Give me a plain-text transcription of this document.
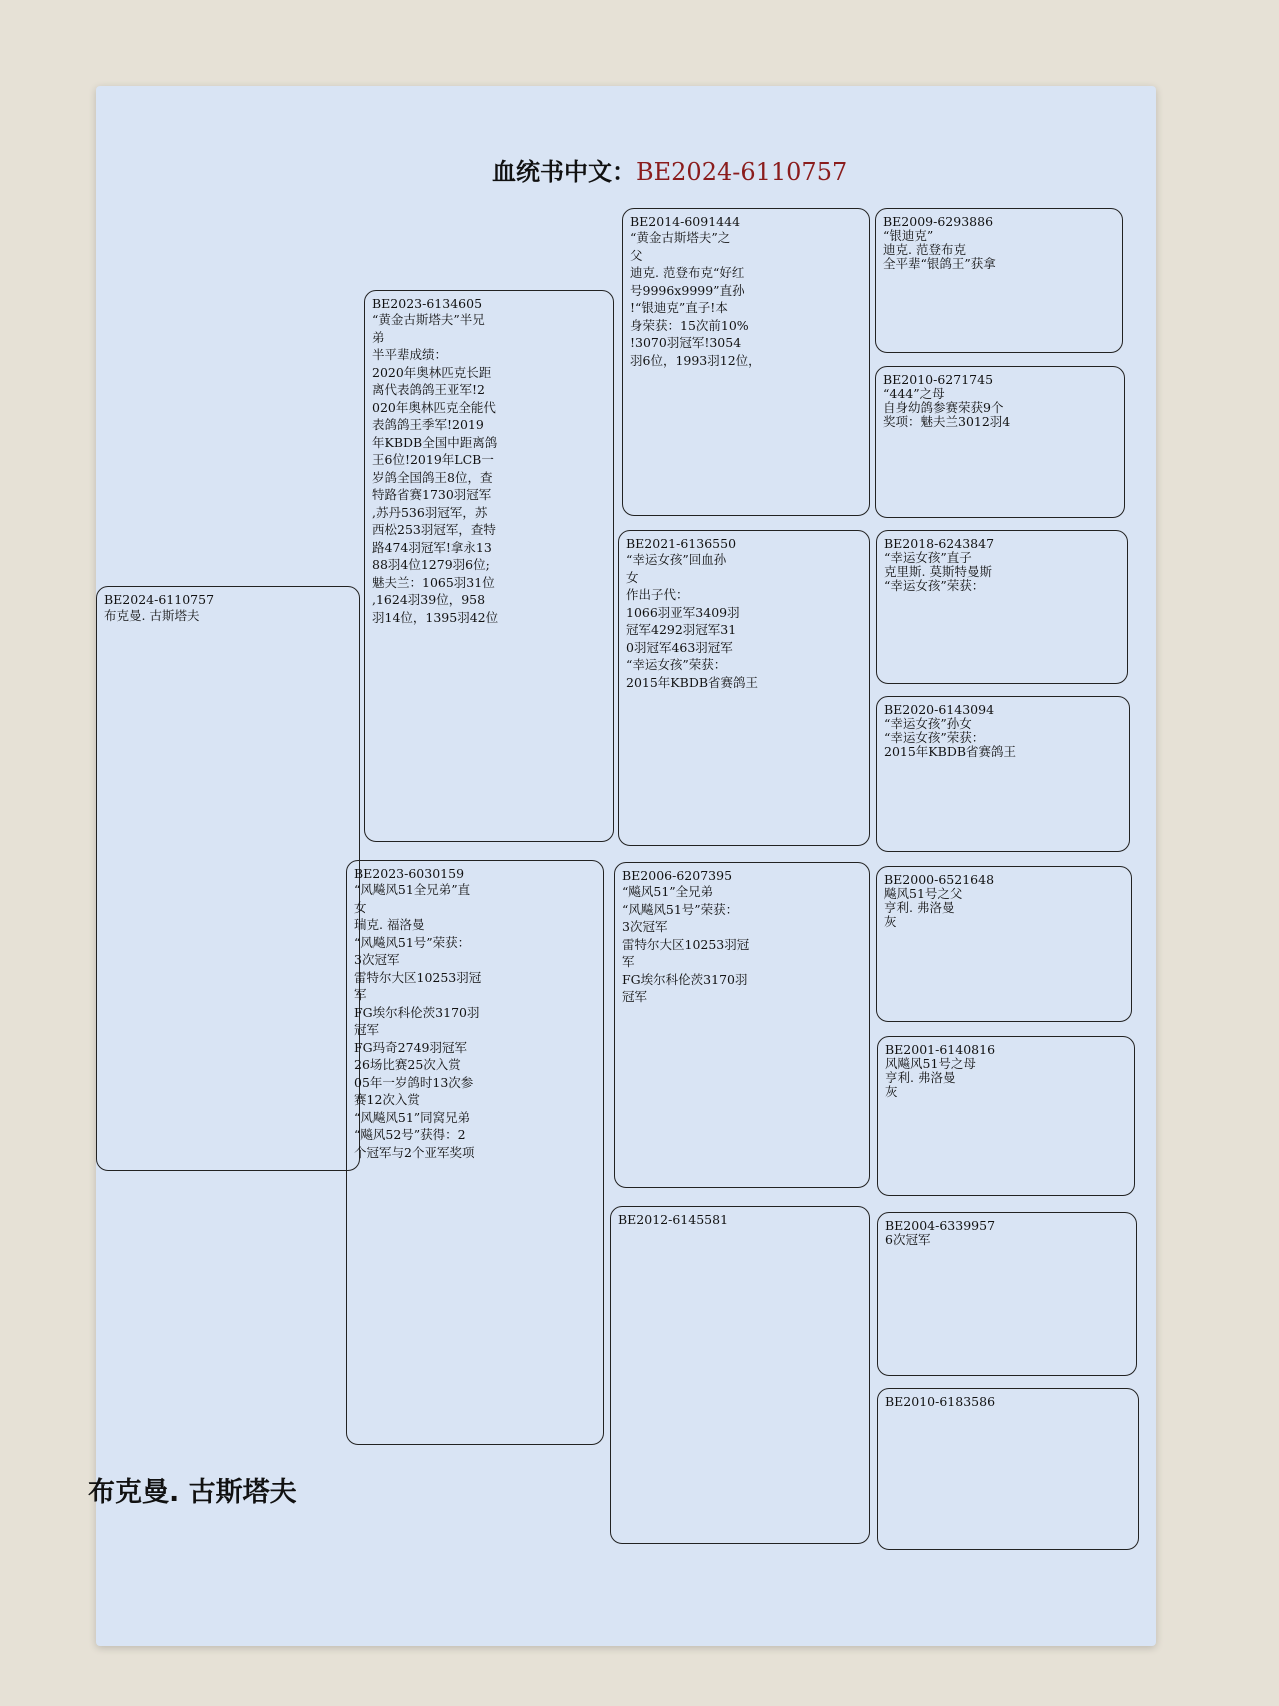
血统书中文：BE2024-6110757
BE2024-6110757
布克曼. 古斯塔夫
BE2023-6134605
“黄金古斯塔夫”半兄
弟
半平辈成绩：
2020年奥林匹克长距
离代表鸽鸽王亚军!2
020年奥林匹克全能代
表鸽鸽王季军!2019
年KBDB全国中距离鸽
王6位!2019年LCB一
岁鸽全国鸽王8位，查
特路省赛1730羽冠军
,苏丹536羽冠军，苏
西松253羽冠军，查特
路474羽冠军!拿永13
88羽4位1279羽6位;
魅夫兰：1065羽31位
,1624羽39位，958
羽14位，1395羽42位
BE2023-6030159
“风飚风51全兄弟”直
女
瑞克. 福洛曼
“风飚风51号”荣获：
3次冠军
雷特尔大区10253羽冠
军
FG埃尔科伦茨3170羽
冠军
FG玛奇2749羽冠军
26场比赛25次入赏
05年一岁鸽时13次参
赛12次入赏
“风飚风51”同窝兄弟
“飚风52号”获得：2
个冠军与2个亚军奖项
BE2014-6091444
“黄金古斯塔夫”之
父
迪克. 范登布克“好红
号9996x9999”直孙
!“银迪克”直子!本
身荣获：15次前10%
!3070羽冠军!3054
羽6位，1993羽12位，
BE2021-6136550
“幸运女孩”回血孙
女
作出子代：
1066羽亚军3409羽
冠军4292羽冠军31
0羽冠军463羽冠军
“幸运女孩”荣获：
2015年KBDB省赛鸽王
BE2006-6207395
“飚风51”全兄弟
“风飚风51号”荣获：
3次冠军
雷特尔大区10253羽冠
军
FG埃尔科伦茨3170羽
冠军
BE2012-6145581
BE2009-6293886
“银迪克”
迪克. 范登布克
全平辈“银鸽王”获拿
BE2010-6271745
“444”之母
自身幼鸽参赛荣获9个
奖项：魅夫兰3012羽4
BE2018-6243847
“幸运女孩”直子
克里斯. 莫斯特曼斯
“幸运女孩”荣获：
BE2020-6143094
“幸运女孩”孙女
“幸运女孩”荣获：
2015年KBDB省赛鸽王
BE2000-6521648
飚风51号之父
亨利. 弗洛曼
灰
BE2001-6140816
风飚风51号之母
亨利. 弗洛曼
灰
BE2004-6339957
6次冠军
BE2010-6183586
布克曼. 古斯塔夫
